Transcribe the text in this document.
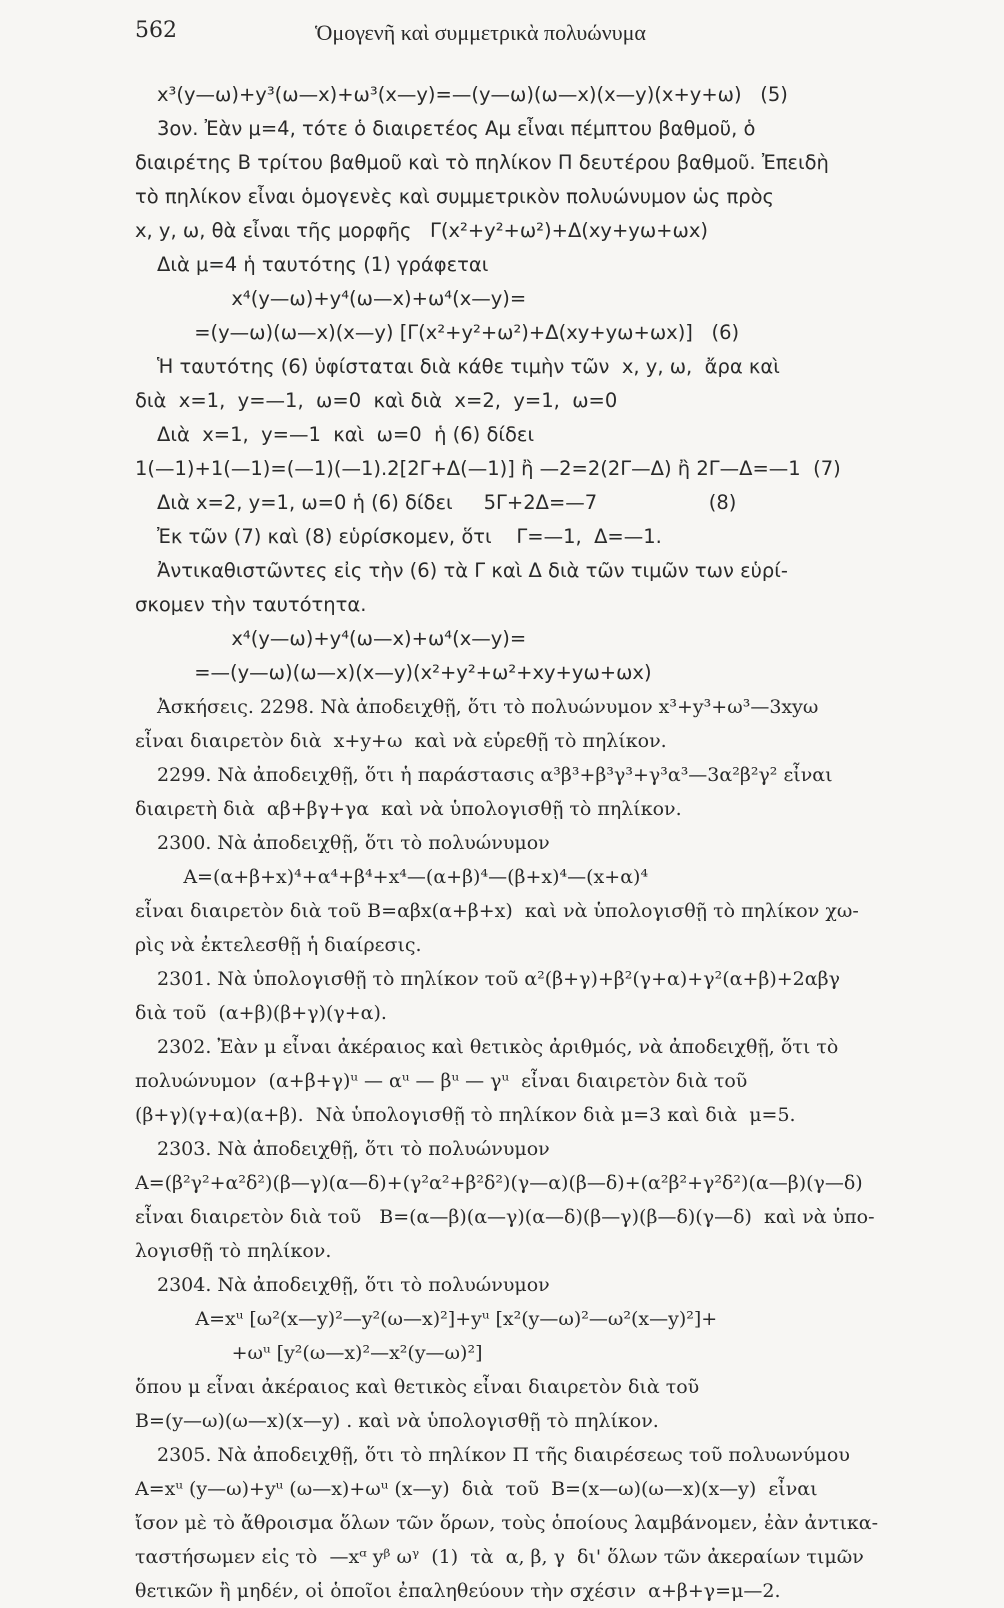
562	Ὁμογενῆ καὶ συμμετρικὰ πολυώνυμα
x³(y—ω)+y³(ω—x)+ω³(x—y)=—(y—ω)(ω—x)(x—y)(x+y+ω)   (5)
3ον. Ἐὰν μ=4, τότε ὁ διαιρετέος Aμ εἶναι πέμπτου βαθμοῦ, ὁ
διαιρέτης B τρίτου βαθμοῦ καὶ τὸ πηλίκον Π δευτέρου βαθμοῦ. Ἐπειδὴ
τὸ πηλίκον εἶναι ὁμογενὲς καὶ συμμετρικὸν πολυώνυμον ὡς πρὸς
x, y, ω, θὰ εἶναι τῆς μορφῆς   Γ(x²+y²+ω²)+Δ(xy+yω+ωx)
Διὰ μ=4 ἡ ταυτότης (1) γράφεται
x⁴(y—ω)+y⁴(ω—x)+ω⁴(x—y)=
=(y—ω)(ω—x)(x—y) [Γ(x²+y²+ω²)+Δ(xy+yω+ωx)]   (6)
Ἡ ταυτότης (6) ὑφίσταται διὰ κάθε τιμὴν τῶν  x, y, ω,  ἄρα καὶ
διὰ  x=1,  y=—1,  ω=0  καὶ διὰ  x=2,  y=1,  ω=0
Διὰ  x=1,  y=—1  καὶ  ω=0  ἡ (6) δίδει
1(—1)+1(—1)=(—1)(—1).2[2Γ+Δ(—1)] ἢ —2=2(2Γ—Δ) ἢ 2Γ—Δ=—1  (7)
Διὰ x=2, y=1, ω=0 ἡ (6) δίδει     5Γ+2Δ=—7                  (8)
Ἐκ τῶν (7) καὶ (8) εὑρίσκομεν, ὅτι    Γ=—1,  Δ=—1.
Ἀντικαθιστῶντες εἰς τὴν (6) τὰ Γ καὶ Δ διὰ τῶν τιμῶν των εὑρί-
σκομεν τὴν ταυτότητα.
x⁴(y—ω)+y⁴(ω—x)+ω⁴(x—y)=
=—(y—ω)(ω—x)(x—y)(x²+y²+ω²+xy+yω+ωx)
Ἀσκήσεις. 2298. Νὰ ἀποδειχθῇ, ὅτι τὸ πολυώνυμον x³+y³+ω³—3xyω
εἶναι διαιρετὸν διὰ  x+y+ω  καὶ νὰ εὑρεθῇ τὸ πηλίκον.
2299. Νὰ ἀποδειχθῇ, ὅτι ἡ παράστασις α³β³+β³γ³+γ³α³—3α²β²γ² εἶναι
διαιρετὴ διὰ  αβ+βγ+γα  καὶ νὰ ὑπολογισθῇ τὸ πηλίκον.
2300. Νὰ ἀποδειχθῇ, ὅτι τὸ πολυώνυμον
A=(α+β+x)⁴+α⁴+β⁴+x⁴—(α+β)⁴—(β+x)⁴—(x+α)⁴
εἶναι διαιρετὸν διὰ τοῦ B=αβx(α+β+x)  καὶ νὰ ὑπολογισθῇ τὸ πηλίκον χω-
ρὶς νὰ ἐκτελεσθῇ ἡ διαίρεσις.
2301. Νὰ ὑπολογισθῇ τὸ πηλίκον τοῦ α²(β+γ)+β²(γ+α)+γ²(α+β)+2αβγ
διὰ τοῦ  (α+β)(β+γ)(γ+α).
2302. Ἐὰν μ εἶναι ἀκέραιος καὶ θετικὸς ἀριθμός, νὰ ἀποδειχθῇ, ὅτι τὸ
πολυώνυμον  (α+β+γ)ᵘ — αᵘ — βᵘ — γᵘ  εἶναι διαιρετὸν διὰ τοῦ
(β+γ)(γ+α)(α+β).  Νὰ ὑπολογισθῇ τὸ πηλίκον διὰ μ=3 καὶ διὰ  μ=5.
2303. Νὰ ἀποδειχθῇ, ὅτι τὸ πολυώνυμον
A=(β²γ²+α²δ²)(β—γ)(α—δ)+(γ²α²+β²δ²)(γ—α)(β—δ)+(α²β²+γ²δ²)(α—β)(γ—δ)
εἶναι διαιρετὸν διὰ τοῦ   B=(α—β)(α—γ)(α—δ)(β—γ)(β—δ)(γ—δ)  καὶ νὰ ὑπο-
λογισθῇ τὸ πηλίκον.
2304. Νὰ ἀποδειχθῇ, ὅτι τὸ πολυώνυμον
A=xᵘ [ω²(x—y)²—y²(ω—x)²]+yᵘ [x²(y—ω)²—ω²(x—y)²]+
+ωᵘ [y²(ω—x)²—x²(y—ω)²]
ὅπου μ εἶναι ἀκέραιος καὶ θετικὸς εἶναι διαιρετὸν διὰ τοῦ
B=(y—ω)(ω—x)(x—y) . καὶ νὰ ὑπολογισθῇ τὸ πηλίκον.
2305. Νὰ ἀποδειχθῇ, ὅτι τὸ πηλίκον Π τῆς διαιρέσεως τοῦ πολυωνύμου
A=xᵘ (y—ω)+yᵘ (ω—x)+ωᵘ (x—y)  διὰ  τοῦ  B=(x—ω)(ω—x)(x—y)  εἶναι
ἴσον μὲ τὸ ἄθροισμα ὅλων τῶν ὅρων, τοὺς ὁποίους λαμβάνομεν, ἐὰν ἀντικα-
ταστήσωμεν εἰς τὸ  —xᵅ yᵝ ωᵞ  (1)  τὰ  α, β, γ  δι' ὅλων τῶν ἀκεραίων τιμῶν
θετικῶν ἢ μηδέν, οἱ ὁποῖοι ἐπαληθεύουν τὴν σχέσιν  α+β+γ=μ—2.
